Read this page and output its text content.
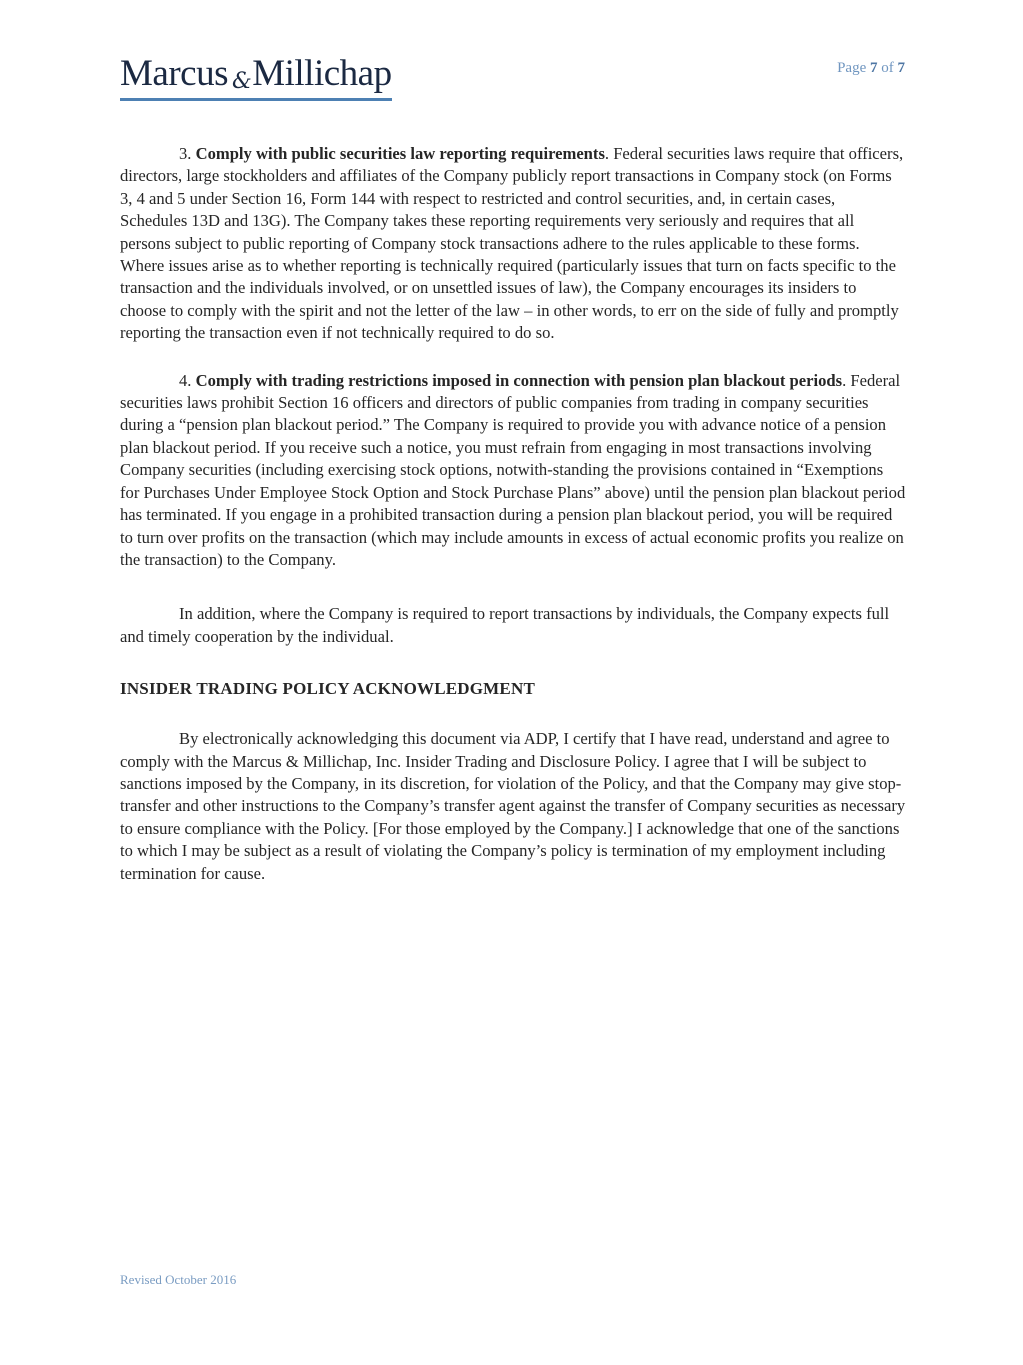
Marcus &Millichap	Page 7 of 7

3. Comply with public securities law reporting requirements. Federal securities laws require that officers, directors, large stockholders and affiliates of the Company publicly report transactions in Company stock (on Forms 3, 4 and 5 under Section 16, Form 144 with respect to restricted and control securities, and, in certain cases, Schedules 13D and 13G). The Company takes these reporting requirements very seriously and requires that all persons subject to public reporting of Company stock transactions adhere to the rules applicable to these forms. Where issues arise as to whether reporting is technically required (particularly issues that turn on facts specific to the transaction and the individuals involved, or on unsettled issues of law), the Company encourages its insiders to choose to comply with the spirit and not the letter of the law – in other words, to err on the side of fully and promptly reporting the transaction even if not technically required to do so.

4. Comply with trading restrictions imposed in connection with pension plan blackout periods. Federal securities laws prohibit Section 16 officers and directors of public companies from trading in company securities during a “pension plan blackout period.” The Company is required to provide you with advance notice of a pension plan blackout period. If you receive such a notice, you must refrain from engaging in most transactions involving Company securities (including exercising stock options, notwith-standing the provisions contained in “Exemptions for Purchases Under Employee Stock Option and Stock Purchase Plans” above) until the pension plan blackout period has terminated. If you engage in a prohibited transaction during a pension plan blackout period, you will be required to turn over profits on the transaction (which may include amounts in excess of actual economic profits you realize on the transaction) to the Company.

In addition, where the Company is required to report transactions by individuals, the Company expects full and timely cooperation by the individual.

INSIDER TRADING POLICY ACKNOWLEDGMENT

By electronically acknowledging this document via ADP, I certify that I have read, understand and agree to comply with the Marcus & Millichap, Inc. Insider Trading and Disclosure Policy. I agree that I will be subject to sanctions imposed by the Company, in its discretion, for violation of the Policy, and that the Company may give stop-transfer and other instructions to the Company’s transfer agent against the transfer of Company securities as necessary to ensure compliance with the Policy. [For those employed by the Company.] I acknowledge that one of the sanctions to which I may be subject as a result of violating the Company’s policy is termination of my employment including termination for cause.

Revised October 2016
